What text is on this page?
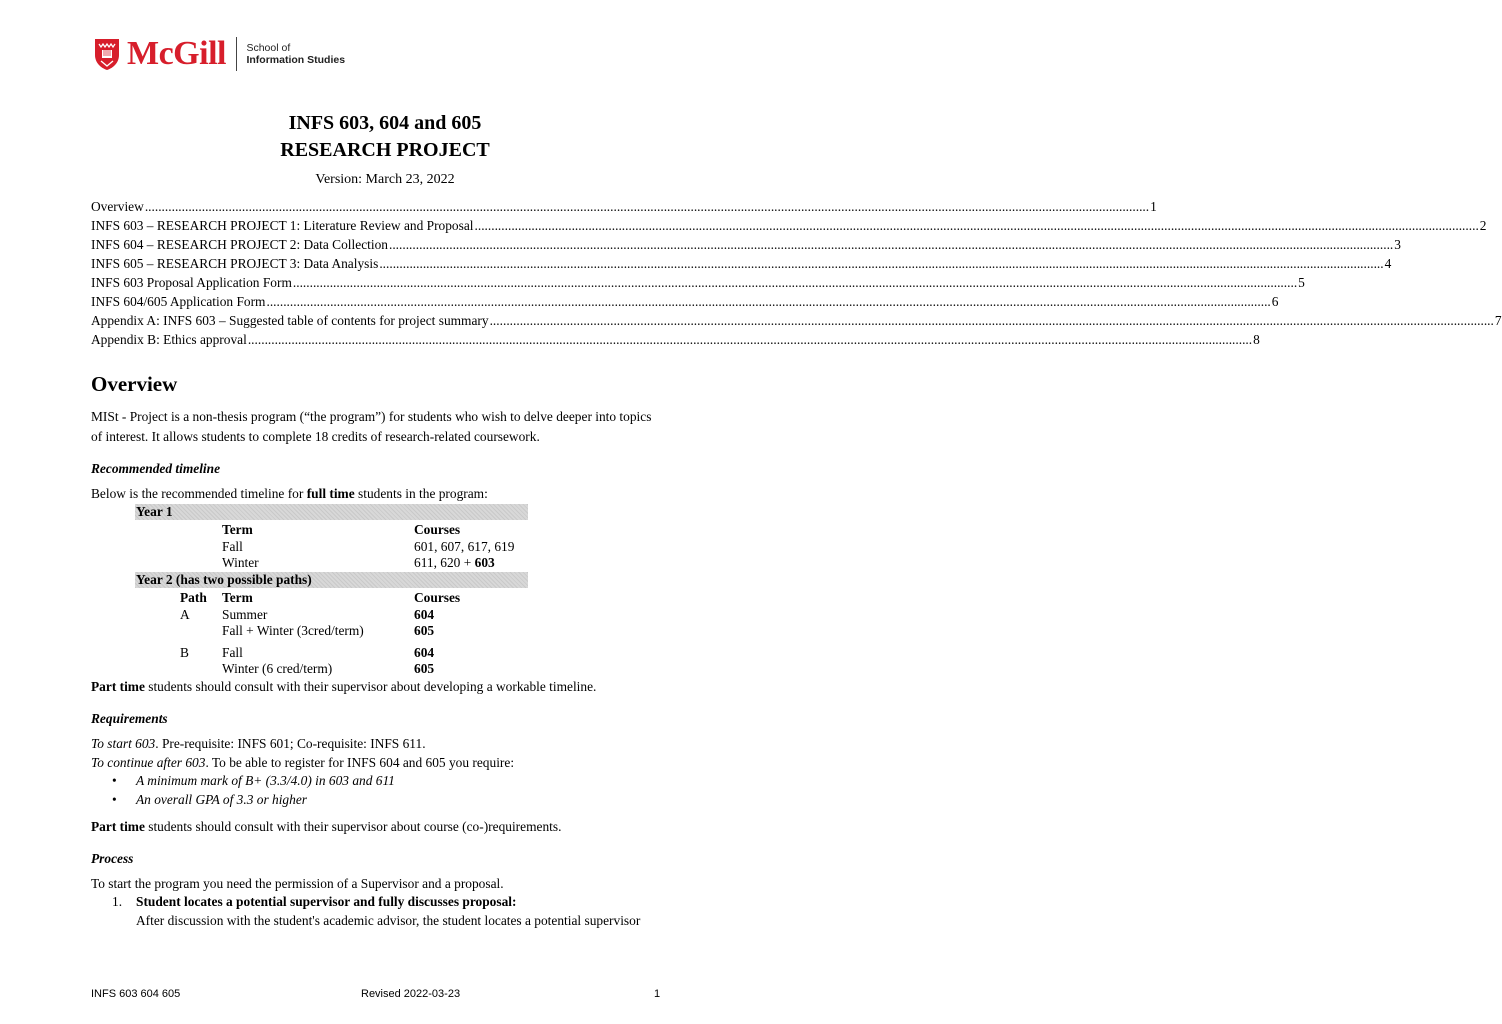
McGill School of
Information Studies
INFS 603, 604 and 605
RESEARCH PROJECT
Version: March 23, 2022
Overview ............................................................................................................................................................................................................................................................................................................ 1
INFS 603 – RESEARCH PROJECT 1: Literature Review and Proposal ............................................................................................................................................................................................................................................................................................................ 2
INFS 604 – RESEARCH PROJECT 2: Data Collection ............................................................................................................................................................................................................................................................................................................ 3
INFS 605 – RESEARCH PROJECT 3: Data Analysis ............................................................................................................................................................................................................................................................................................................ 4
INFS 603 Proposal Application Form ............................................................................................................................................................................................................................................................................................................ 5
INFS 604/605 Application Form ............................................................................................................................................................................................................................................................................................................ 6
Appendix A: INFS 603 – Suggested table of contents for project summary ............................................................................................................................................................................................................................................................................................................ 7
Appendix B: Ethics approval ............................................................................................................................................................................................................................................................................................................ 8
Overview
MISt - Project is a non-thesis program (“the program”) for students who wish to delve deeper into topics
of interest. It allows students to complete 18 credits of research-related coursework.
Recommended timeline
Below is the recommended timeline for full time students in the program:
Year 1
Term	Courses
Fall	601, 607, 617, 619
Winter	611, 620 + 603
Year 2 (has two possible paths)
Path Term	Courses
A Summer	604
Fall + Winter (3cred/term)	605
B Fall	604
Winter (6 cred/term)	605
Part time students should consult with their supervisor about developing a workable timeline.
Requirements
To start 603. Pre-requisite: INFS 601; Co-requisite: INFS 611.
To continue after 603. To be able to register for INFS 604 and 605 you require:
• A minimum mark of B+ (3.3/4.0) in 603 and 611
• An overall GPA of 3.3 or higher
Part time students should consult with their supervisor about course (co-)requirements.
Process
To start the program you need the permission of a Supervisor and a proposal.
1.	Student locates a potential supervisor and fully discusses proposal:
After discussion with the student's academic advisor, the student locates a potential supervisor
INFS 603 604 605	Revised 2022-03-23	1
